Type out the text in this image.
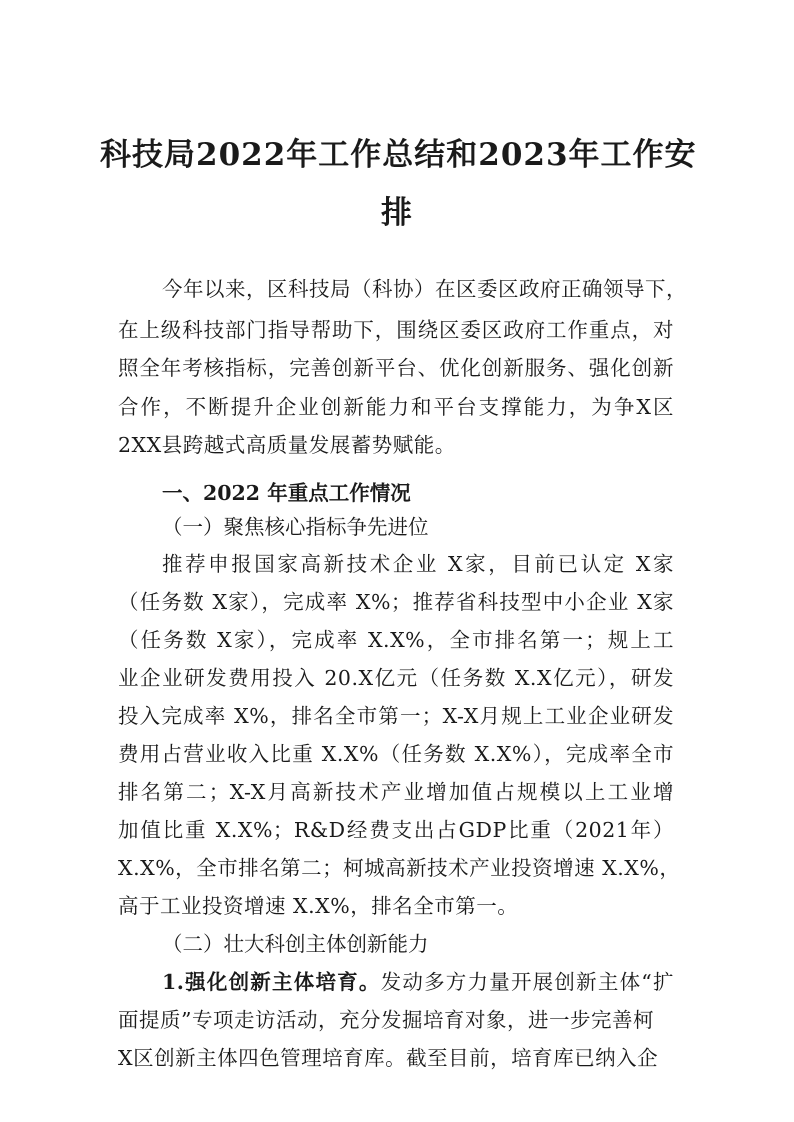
科技局2022年工作总结和2023年工作安
排
今年以来，区科技局（科协）在区委区政府正确领导下，
在上级科技部门指导帮助下，围绕区委区政府工作重点，对
照全年考核指标，完善创新平台、优化创新服务、强化创新
合作，不断提升企业创新能力和平台支撑能力，为争X区
2XX县跨越式高质量发展蓄势赋能。
一、2022 年重点工作情况
（一）聚焦核心指标争先进位
推荐申报国家高新技术企业 X家，目前已认定 X家
（任务数 X家），完成率 X%；推荐省科技型中小企业 X家
（任务数 X家），完成率 X.X%，全市排名第一；规上工
业企业研发费用投入 20.X亿元（任务数 X.X亿元），研发
投入完成率 X%，排名全市第一；X-X月规上工业企业研发
费用占营业收入比重 X.X%（任务数 X.X%），完成率全市
排名第二；X-X月高新技术产业增加值占规模以上工业增
加值比重 X.X%；R&D经费支出占GDP比重（2021年）
X.X%，全市排名第二；柯城高新技术产业投资增速 X.X%，
高于工业投资增速 X.X%，排名全市第一。
（二）壮大科创主体创新能力
1.强化创新主体培育。发动多方力量开展创新主体“扩
面提质”专项走访活动，充分发掘培育对象，进一步完善柯
X区创新主体四色管理培育库。截至目前，培育库已纳入企
